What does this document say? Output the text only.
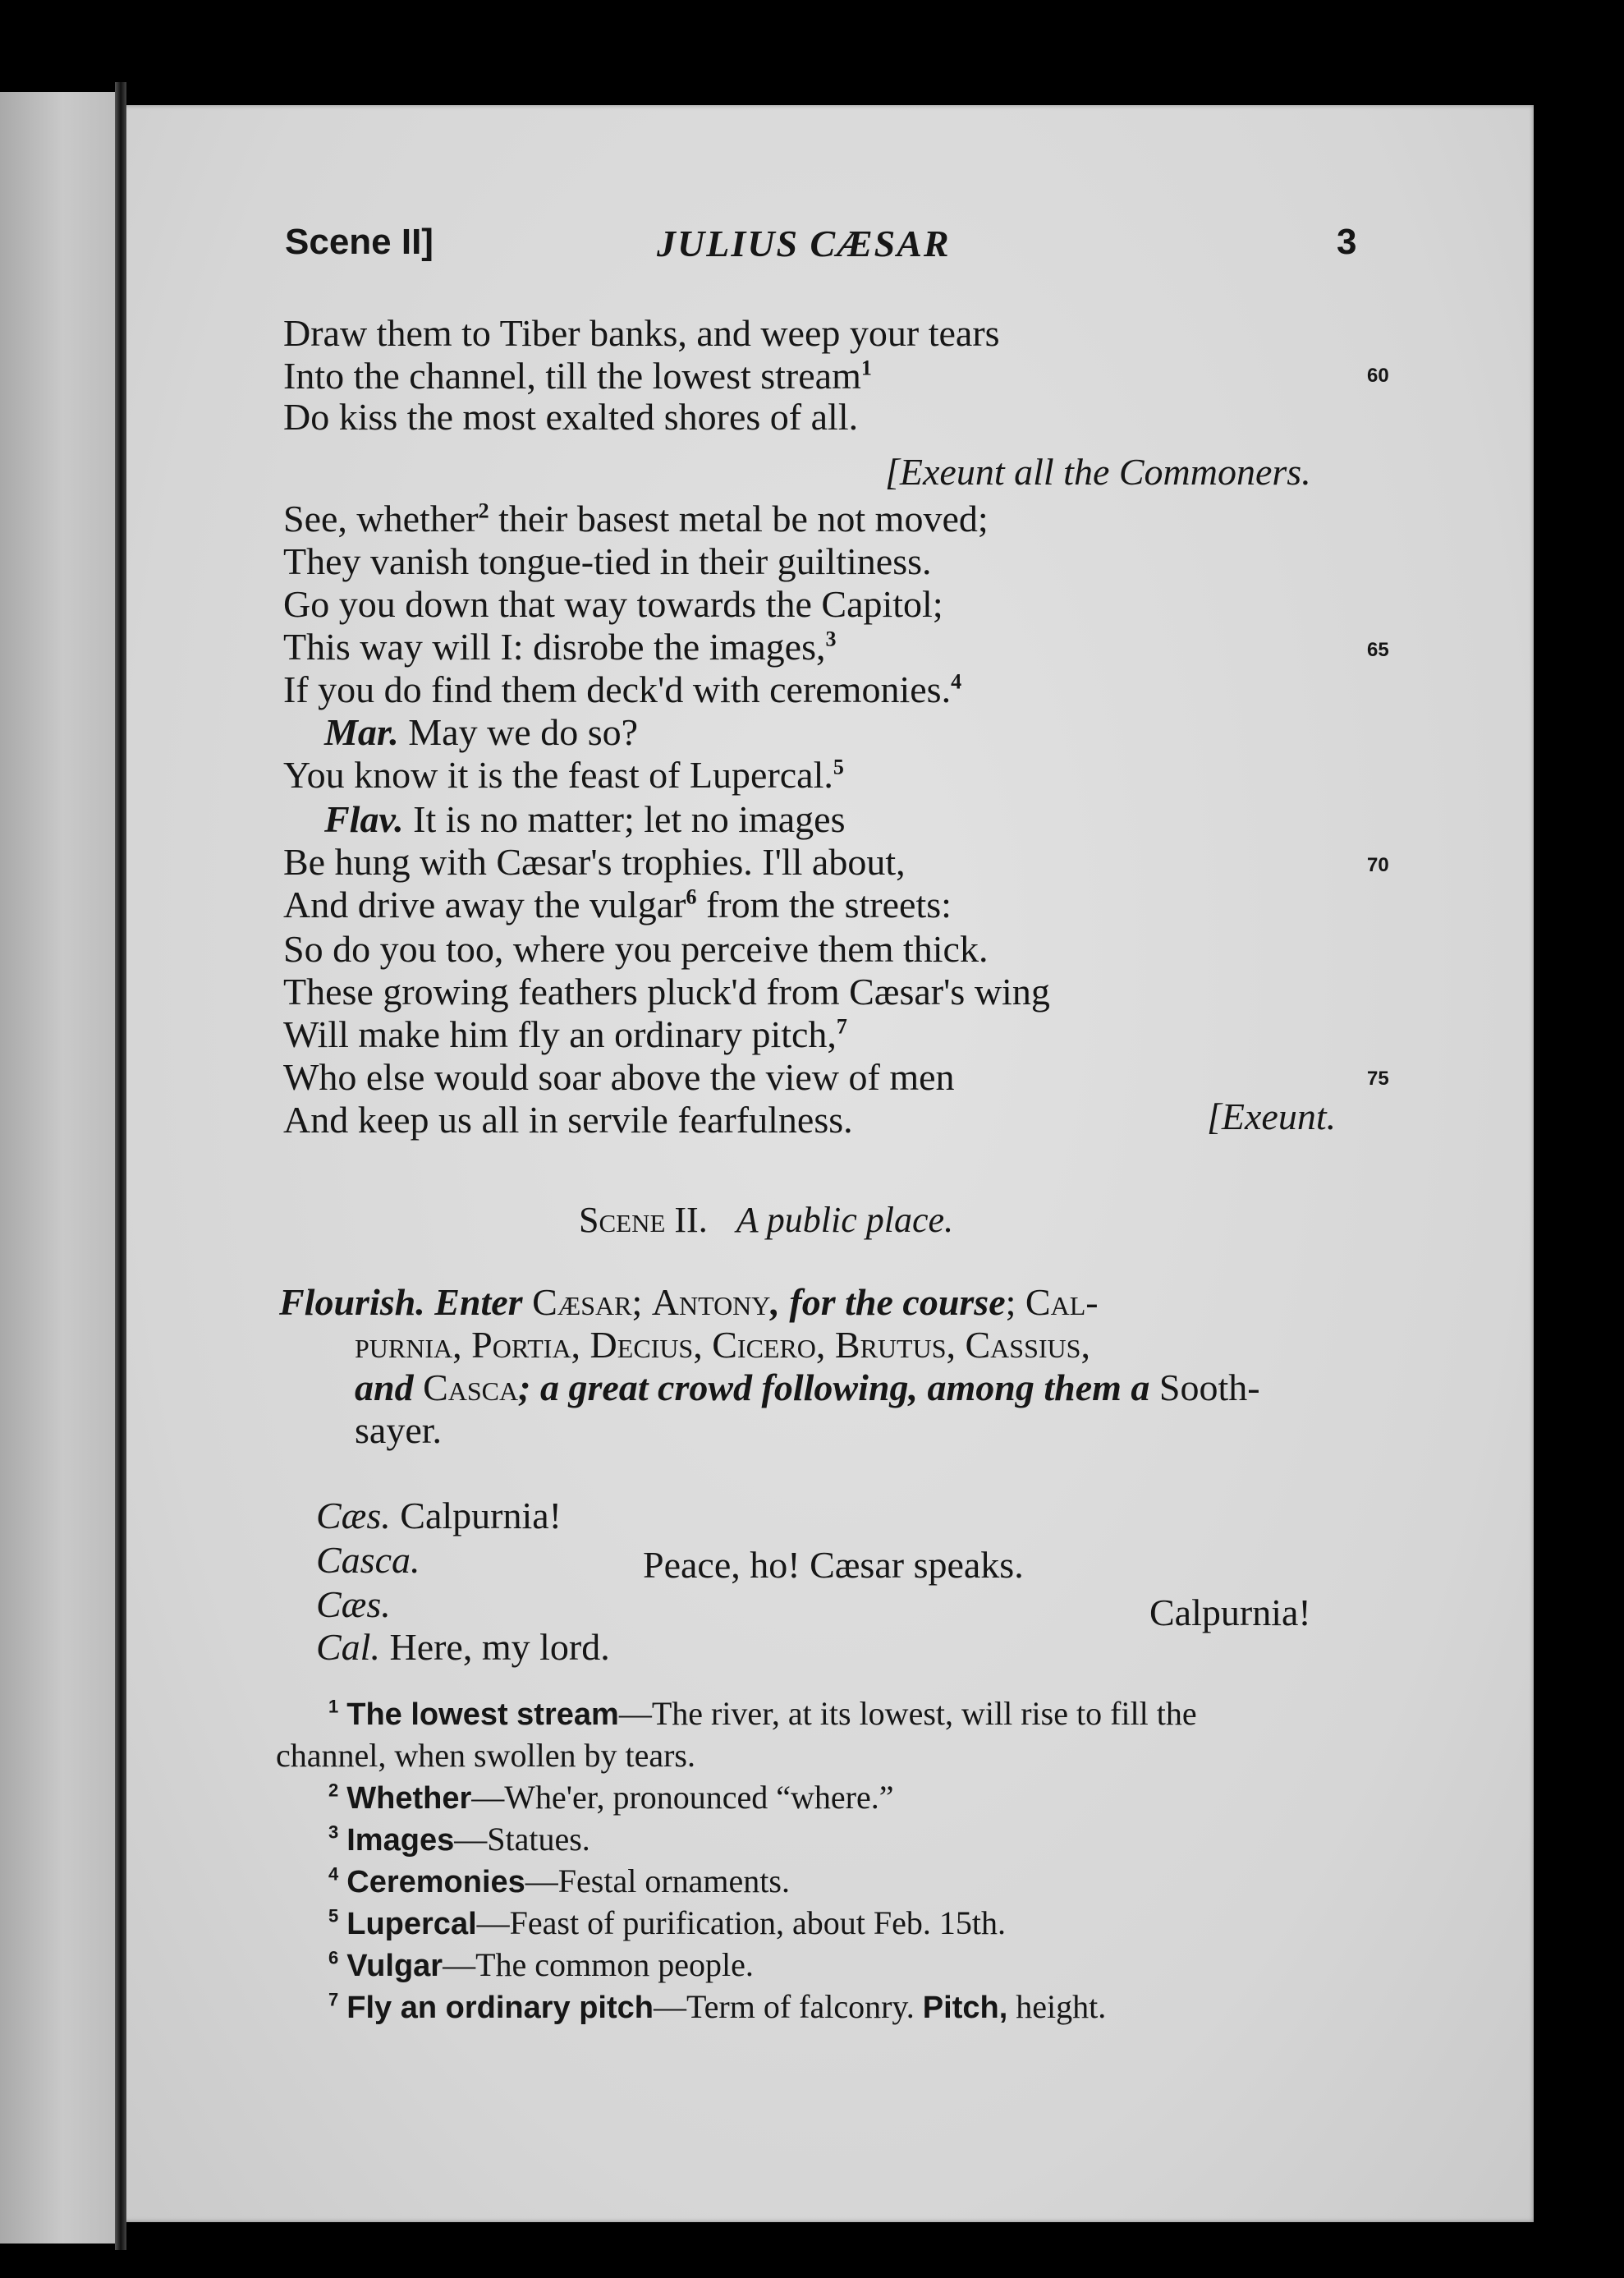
Scene II]	JULIUS CÆSAR	3
Draw them to Tiber banks, and weep your tears
Into the channel, till the lowest stream$^1$	60
Do kiss the most exalted shores of all.
See, whether$^2$ their basest metal be not moved;
They vanish tongue-tied in their guiltiness.
Go you down that way towards the Capitol;
This way will I: disrobe the images,$^3$	65
If you do find them deck'd with ceremonies.$^4$
Mar. May we do so?
You know it is the feast of Lupercal.$^5$
Flav. It is no matter; let no images
Be hung with Cæsar's trophies. I'll about,	70
And drive away the vulgar$^6$ from the streets:
So do you too, where you perceive them thick.
These growing feathers pluck'd from Cæsar's wing
Will make him fly an ordinary pitch,$^7$
Who else would soar above the view of men	75
And keep us all in servile fearfulness.
[Exeunt all the Commoners.
[Exeunt.
Scene II. A public place.
Flourish. Enter Cæsar; Antony, for the course; Cal-
purnia, Portia, Decius, Cicero, Brutus, Cassius,
and Casca; a great crowd following, among them a Sooth-
sayer.
Cæs. Calpurnia!
Casca.	Peace, ho! Cæsar speaks.
Cæs.	Calpurnia!
Cal. Here, my lord.
$^1$ The lowest stream—The river, at its lowest, will rise to fill the
channel, when swollen by tears.
$^2$ Whether—Whe'er, pronounced “where.”
$^3$ Images—Statues.
$^4$ Ceremonies—Festal ornaments.
$^5$ Lupercal—Feast of purification, about Feb. 15th.
$^6$ Vulgar—The common people.
$^7$ Fly an ordinary pitch—Term of falconry. Pitch, height.
